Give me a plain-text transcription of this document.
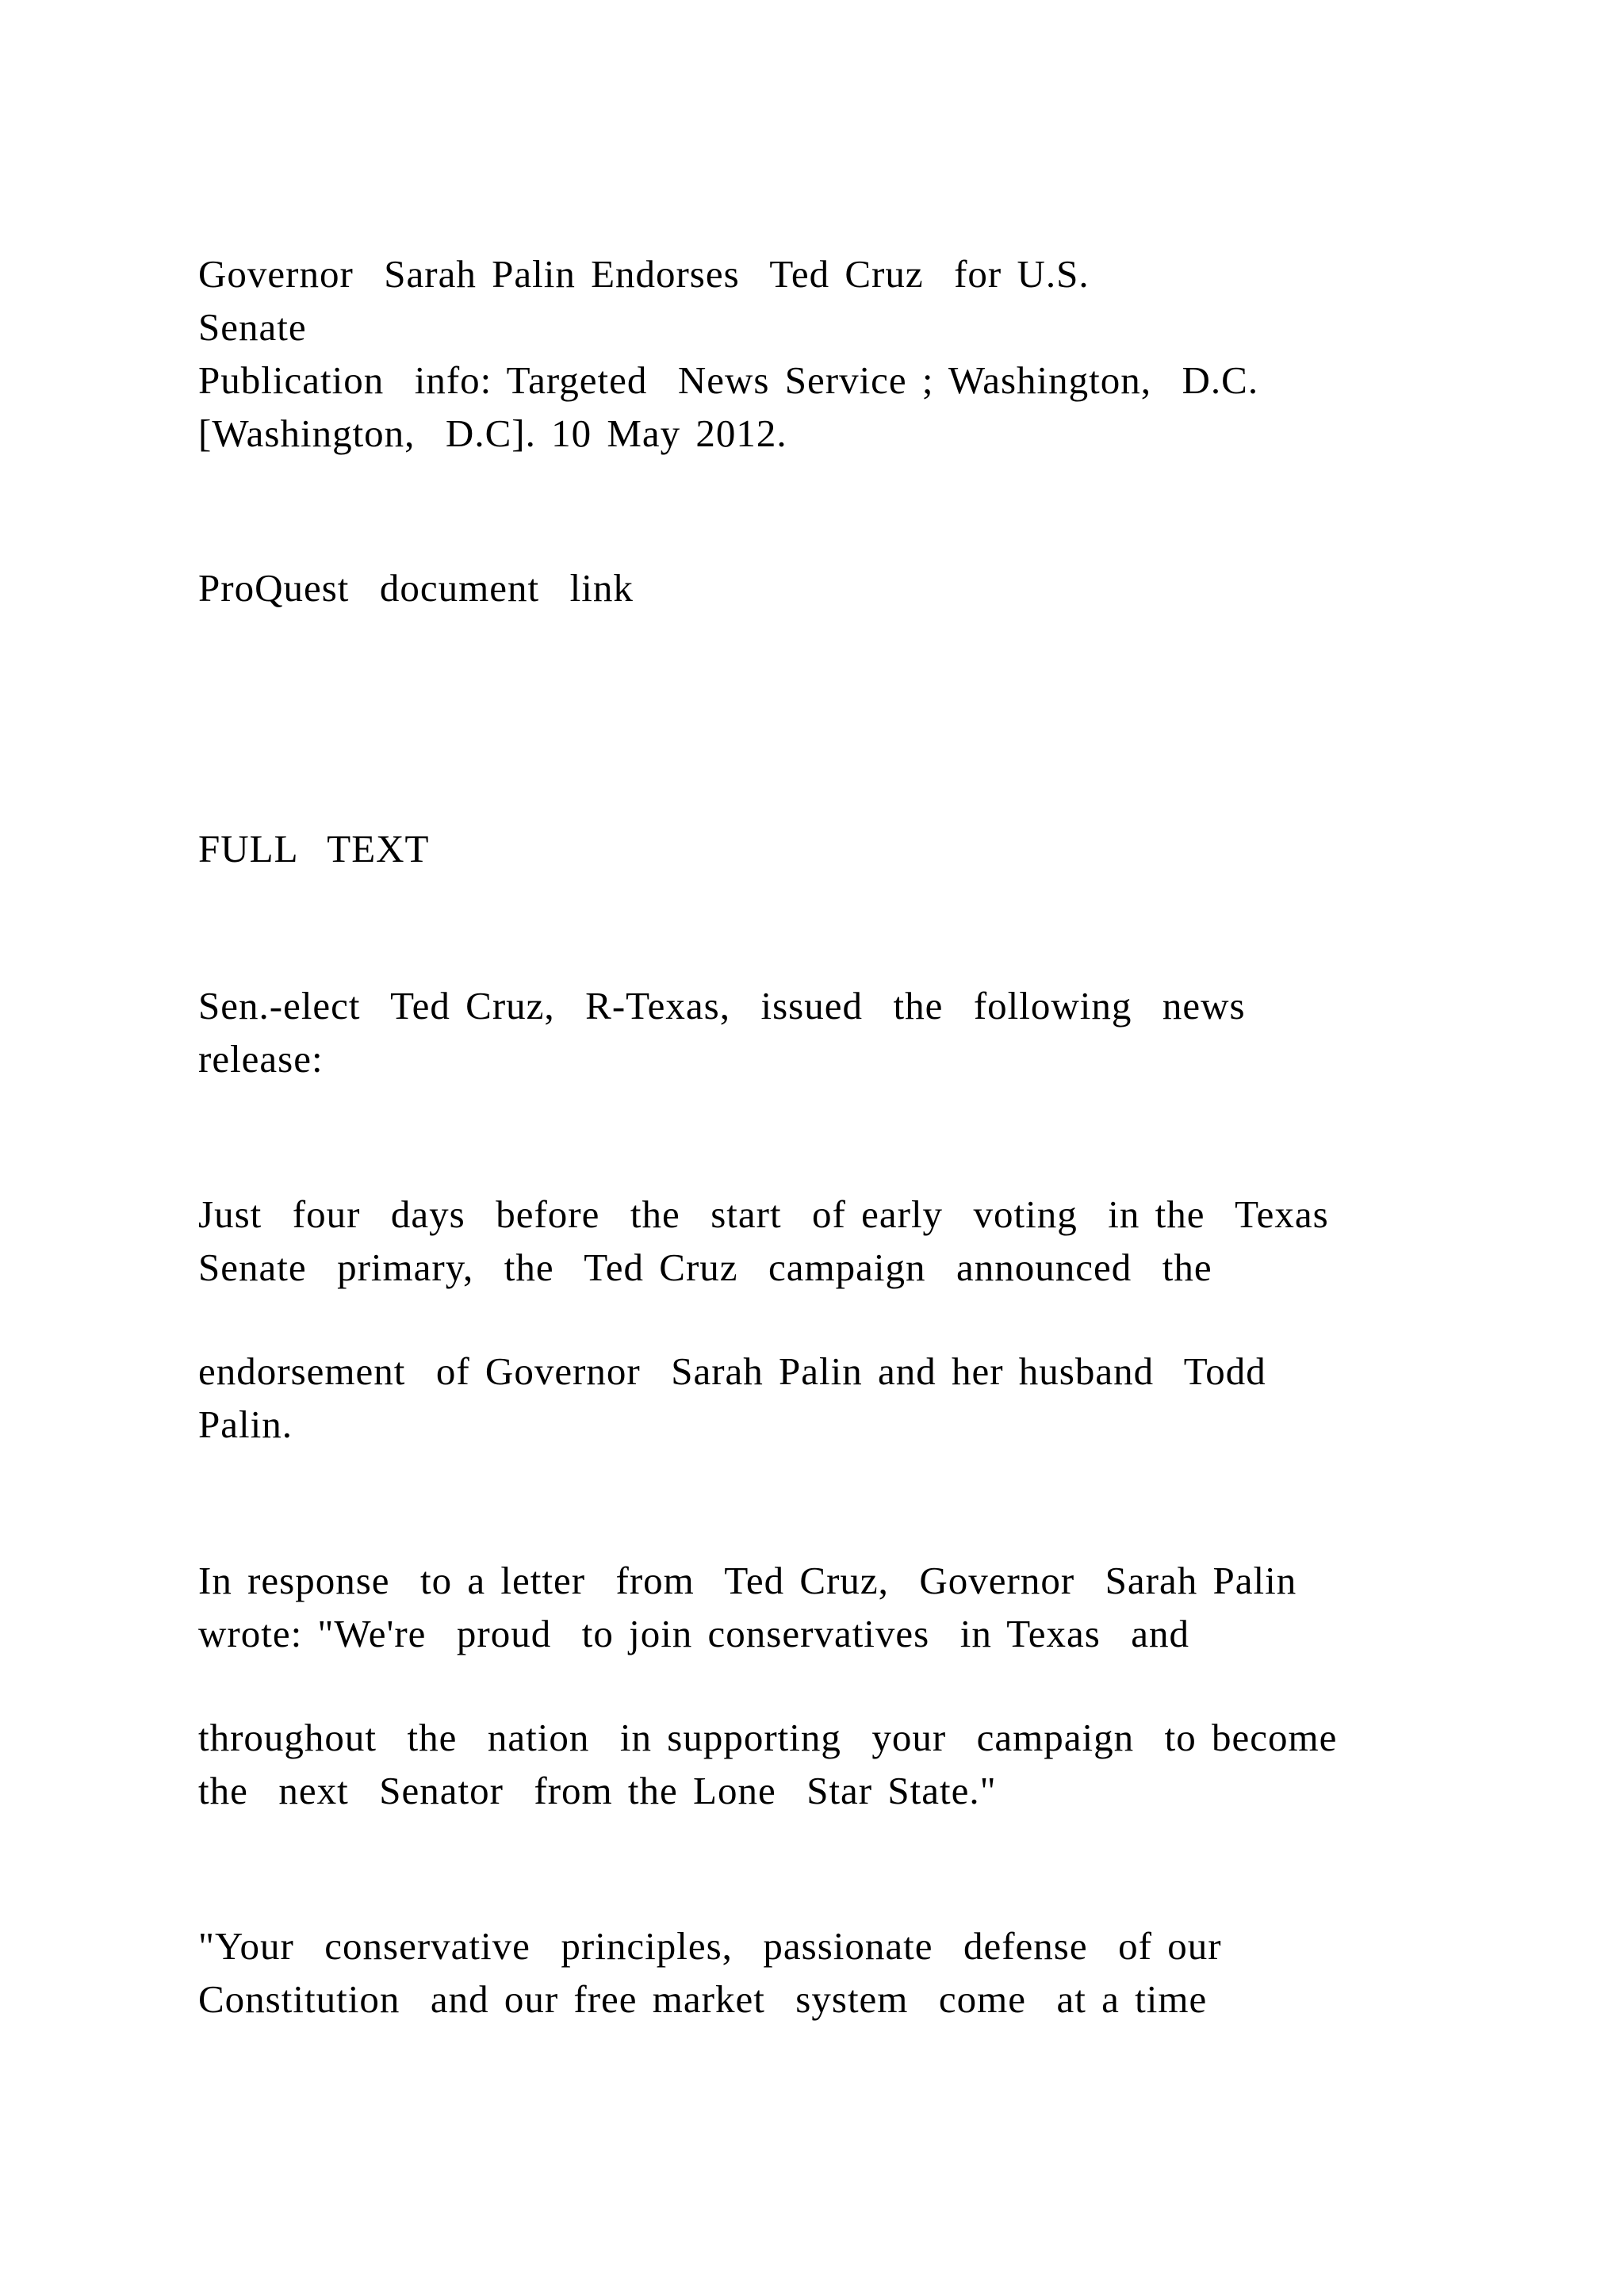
Governor  Sarah Palin Endorses  Ted Cruz  for U.S.
Senate
Publication  info: Targeted  News Service ; Washington,  D.C.
[Washington,  D.C]. 10 May 2012.
ProQuest  document  link
FULL  TEXT
Sen.-elect  Ted Cruz,  R-Texas,  issued  the  following  news
release:
Just  four  days  before  the  start  of early  voting  in the  Texas
Senate  primary,  the  Ted Cruz  campaign  announced  the
endorsement  of Governor  Sarah Palin and her husband  Todd
Palin.
In response  to a letter  from  Ted Cruz,  Governor  Sarah Palin
wrote: "We're  proud  to join conservatives  in Texas  and
throughout  the  nation  in supporting  your  campaign  to become
the  next  Senator  from the Lone  Star State."
"Your  conservative  principles,  passionate  defense  of our
Constitution  and our free market  system  come  at a time
